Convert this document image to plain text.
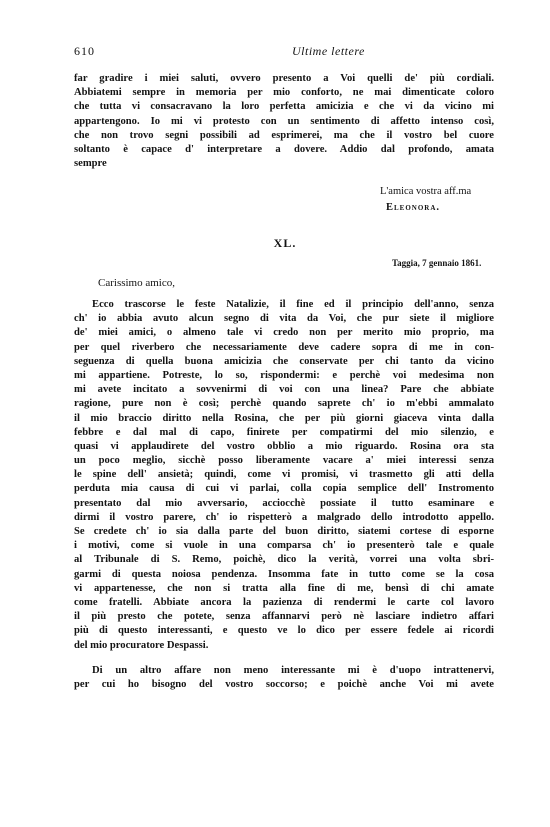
610	Ultime lettere
far gradire i miei saluti, ovvero presento a Voi quelli de' più cordiali.
Abbiatemi sempre in memoria per mio conforto, ne mai dimenticate coloro
che tutta vi consacravano la loro perfetta amicizia e che vi da vicino mi
appartengono. Io mi vi protesto con un sentimento di affetto intenso così,
che non trovo segni possibili ad esprimerei, ma che il vostro bel cuore
soltanto è capace d' interpretare a dovere. Addio dal profondo, amata
sempre
L'amica vostra aff.ma
Eleonora.
XL.
Taggia, 7 gennaio 1861.
Carissimo amico,
Ecco trascorse le feste Natalizie, il fine ed il principio dell'anno, senza
ch' io abbia avuto alcun segno di vita da Voi, che pur siete il migliore
de' miei amici, o almeno tale vi credo non per merito mio proprio, ma
per quel riverbero che necessariamente deve cadere sopra di me in con-
seguenza di quella buona amicizia che conservate per chi tanto da vicino
mi appartiene. Potreste, lo so, rispondermi: e perchè voi medesima non
mi avete incitato a sovvenirmi di voi con una linea? Pare che abbiate
ragione, pure non è così; perchè quando saprete ch' io m'ebbi ammalato
il mio braccio diritto nella Rosina, che per più giorni giaceva vinta dalla
febbre e dal mal di capo, finirete per compatirmi del mio silenzio, e
quasi vi applaudirete del vostro obblio a mio riguardo. Rosina ora sta
un poco meglio, sicchè posso liberamente vacare a' miei interessi senza
le spine dell' ansietà; quindi, come vi promisi, vi trasmetto gli atti della
perduta mia causa di cui vi parlai, colla copia semplice dell' Instromento
presentato dal mio avversario, acciocchè possiate il tutto esaminare e
dirmi il vostro parere, ch' io rispetterò a malgrado dello introdotto appello.
Se credete ch' io sia dalla parte del buon diritto, siatemi cortese di esporne
i motivi, come si vuole in una comparsa ch' io presenterò tale e quale
al Tribunale di S. Remo, poichè, dico la verità, vorrei una volta sbri-
garmi di questa noiosa pendenza. Insomma fate in tutto come se la cosa
vi appartenesse, che non si tratta alla fine di me, bensì di chi amate
come fratelli. Abbiate ancora la pazienza di rendermi le carte col lavoro
il più presto che potete, senza affannarvi però nè lasciare indietro affari
più di questo interessanti, e questo ve lo dico per essere fedele ai ricordi
del mio procuratore Despassi.
Di un altro affare non meno interessante mi è d'uopo intrattenervi,
per cui ho bisogno del vostro soccorso; e poichè anche Voi mi avete
